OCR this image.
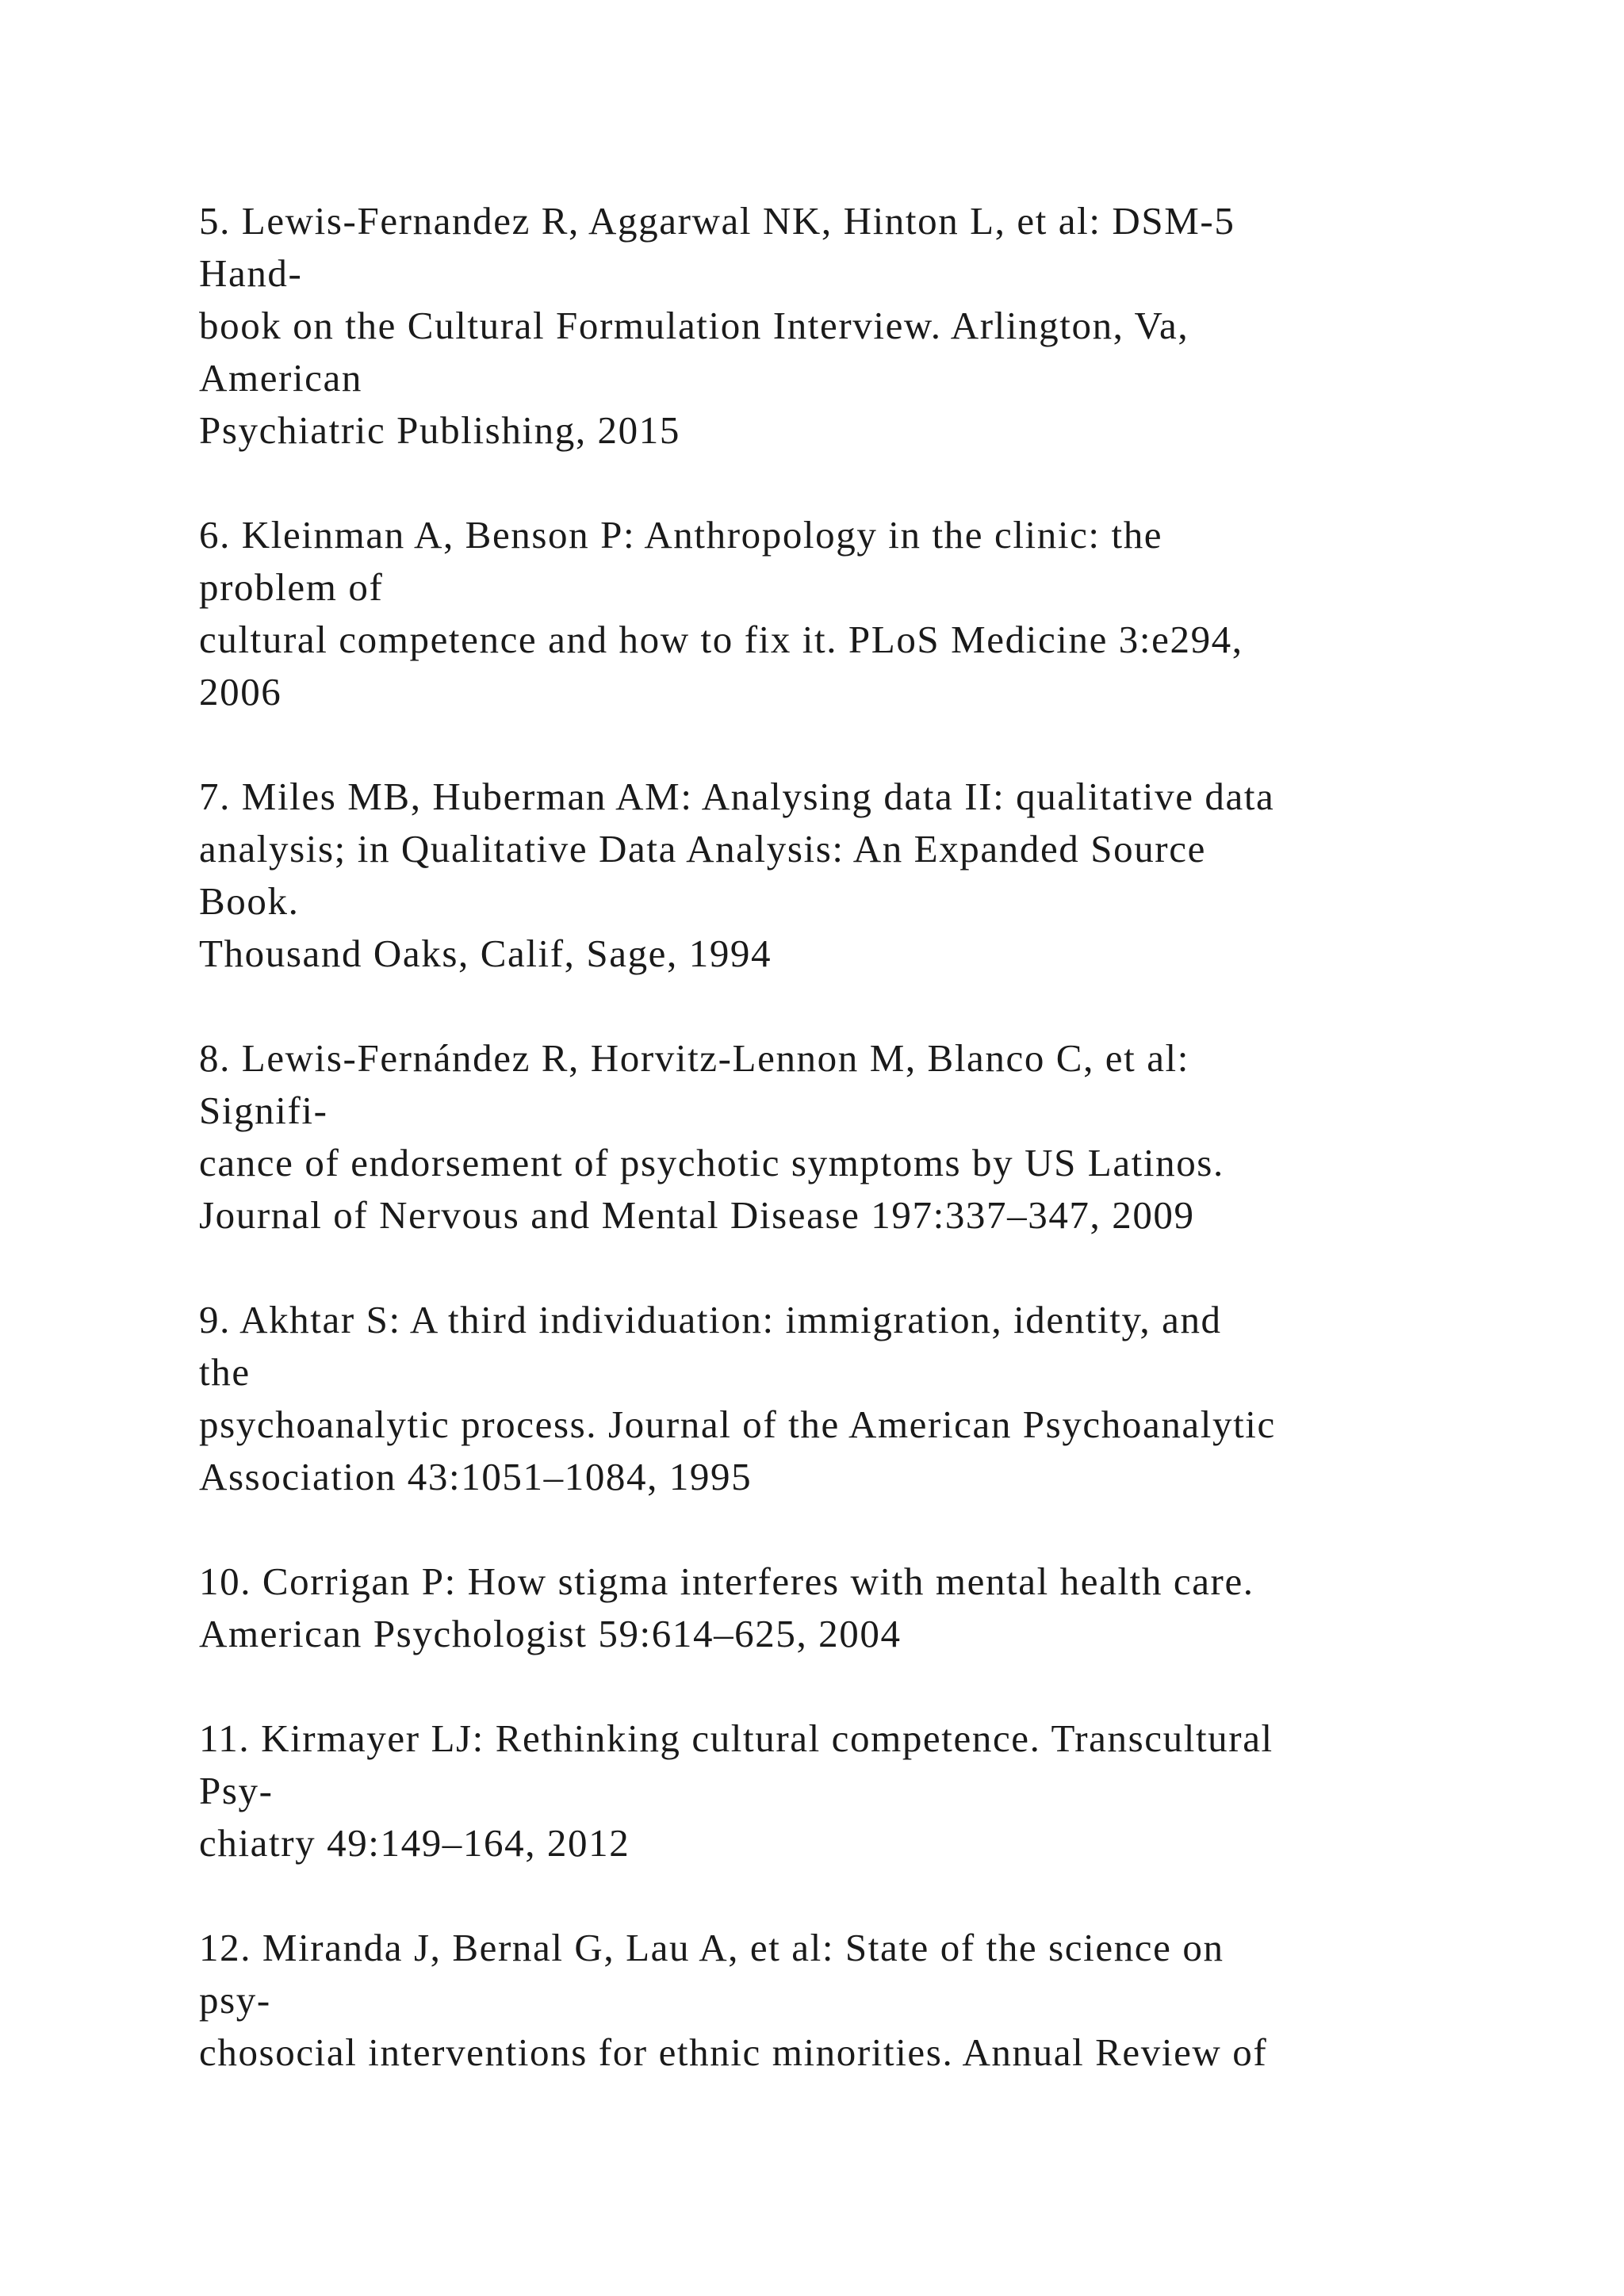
5. Lewis-Fernandez R, Aggarwal NK, Hinton L, et al: DSM-5
Hand-
book on the Cultural Formulation Interview. Arlington, Va,
American
Psychiatric Publishing, 2015
6. Kleinman A, Benson P: Anthropology in the clinic: the
problem of
cultural competence and how to fix it. PLoS Medicine 3:e294,
2006
7. Miles MB, Huberman AM: Analysing data II: qualitative data
analysis; in Qualitative Data Analysis: An Expanded Source
Book.
Thousand Oaks, Calif, Sage, 1994
8. Lewis-Fernández R, Horvitz-Lennon M, Blanco C, et al:
Signifi-
cance of endorsement of psychotic symptoms by US Latinos.
Journal of Nervous and Mental Disease 197:337–347, 2009
9. Akhtar S: A third individuation: immigration, identity, and
the
psychoanalytic process. Journal of the American Psychoanalytic
Association 43:1051–1084, 1995
10. Corrigan P: How stigma interferes with mental health care.
American Psychologist 59:614–625, 2004
11. Kirmayer LJ: Rethinking cultural competence. Transcultural
Psy-
chiatry 49:149–164, 2012
12. Miranda J, Bernal G, Lau A, et al: State of the science on
psy-
chosocial interventions for ethnic minorities. Annual Review of
